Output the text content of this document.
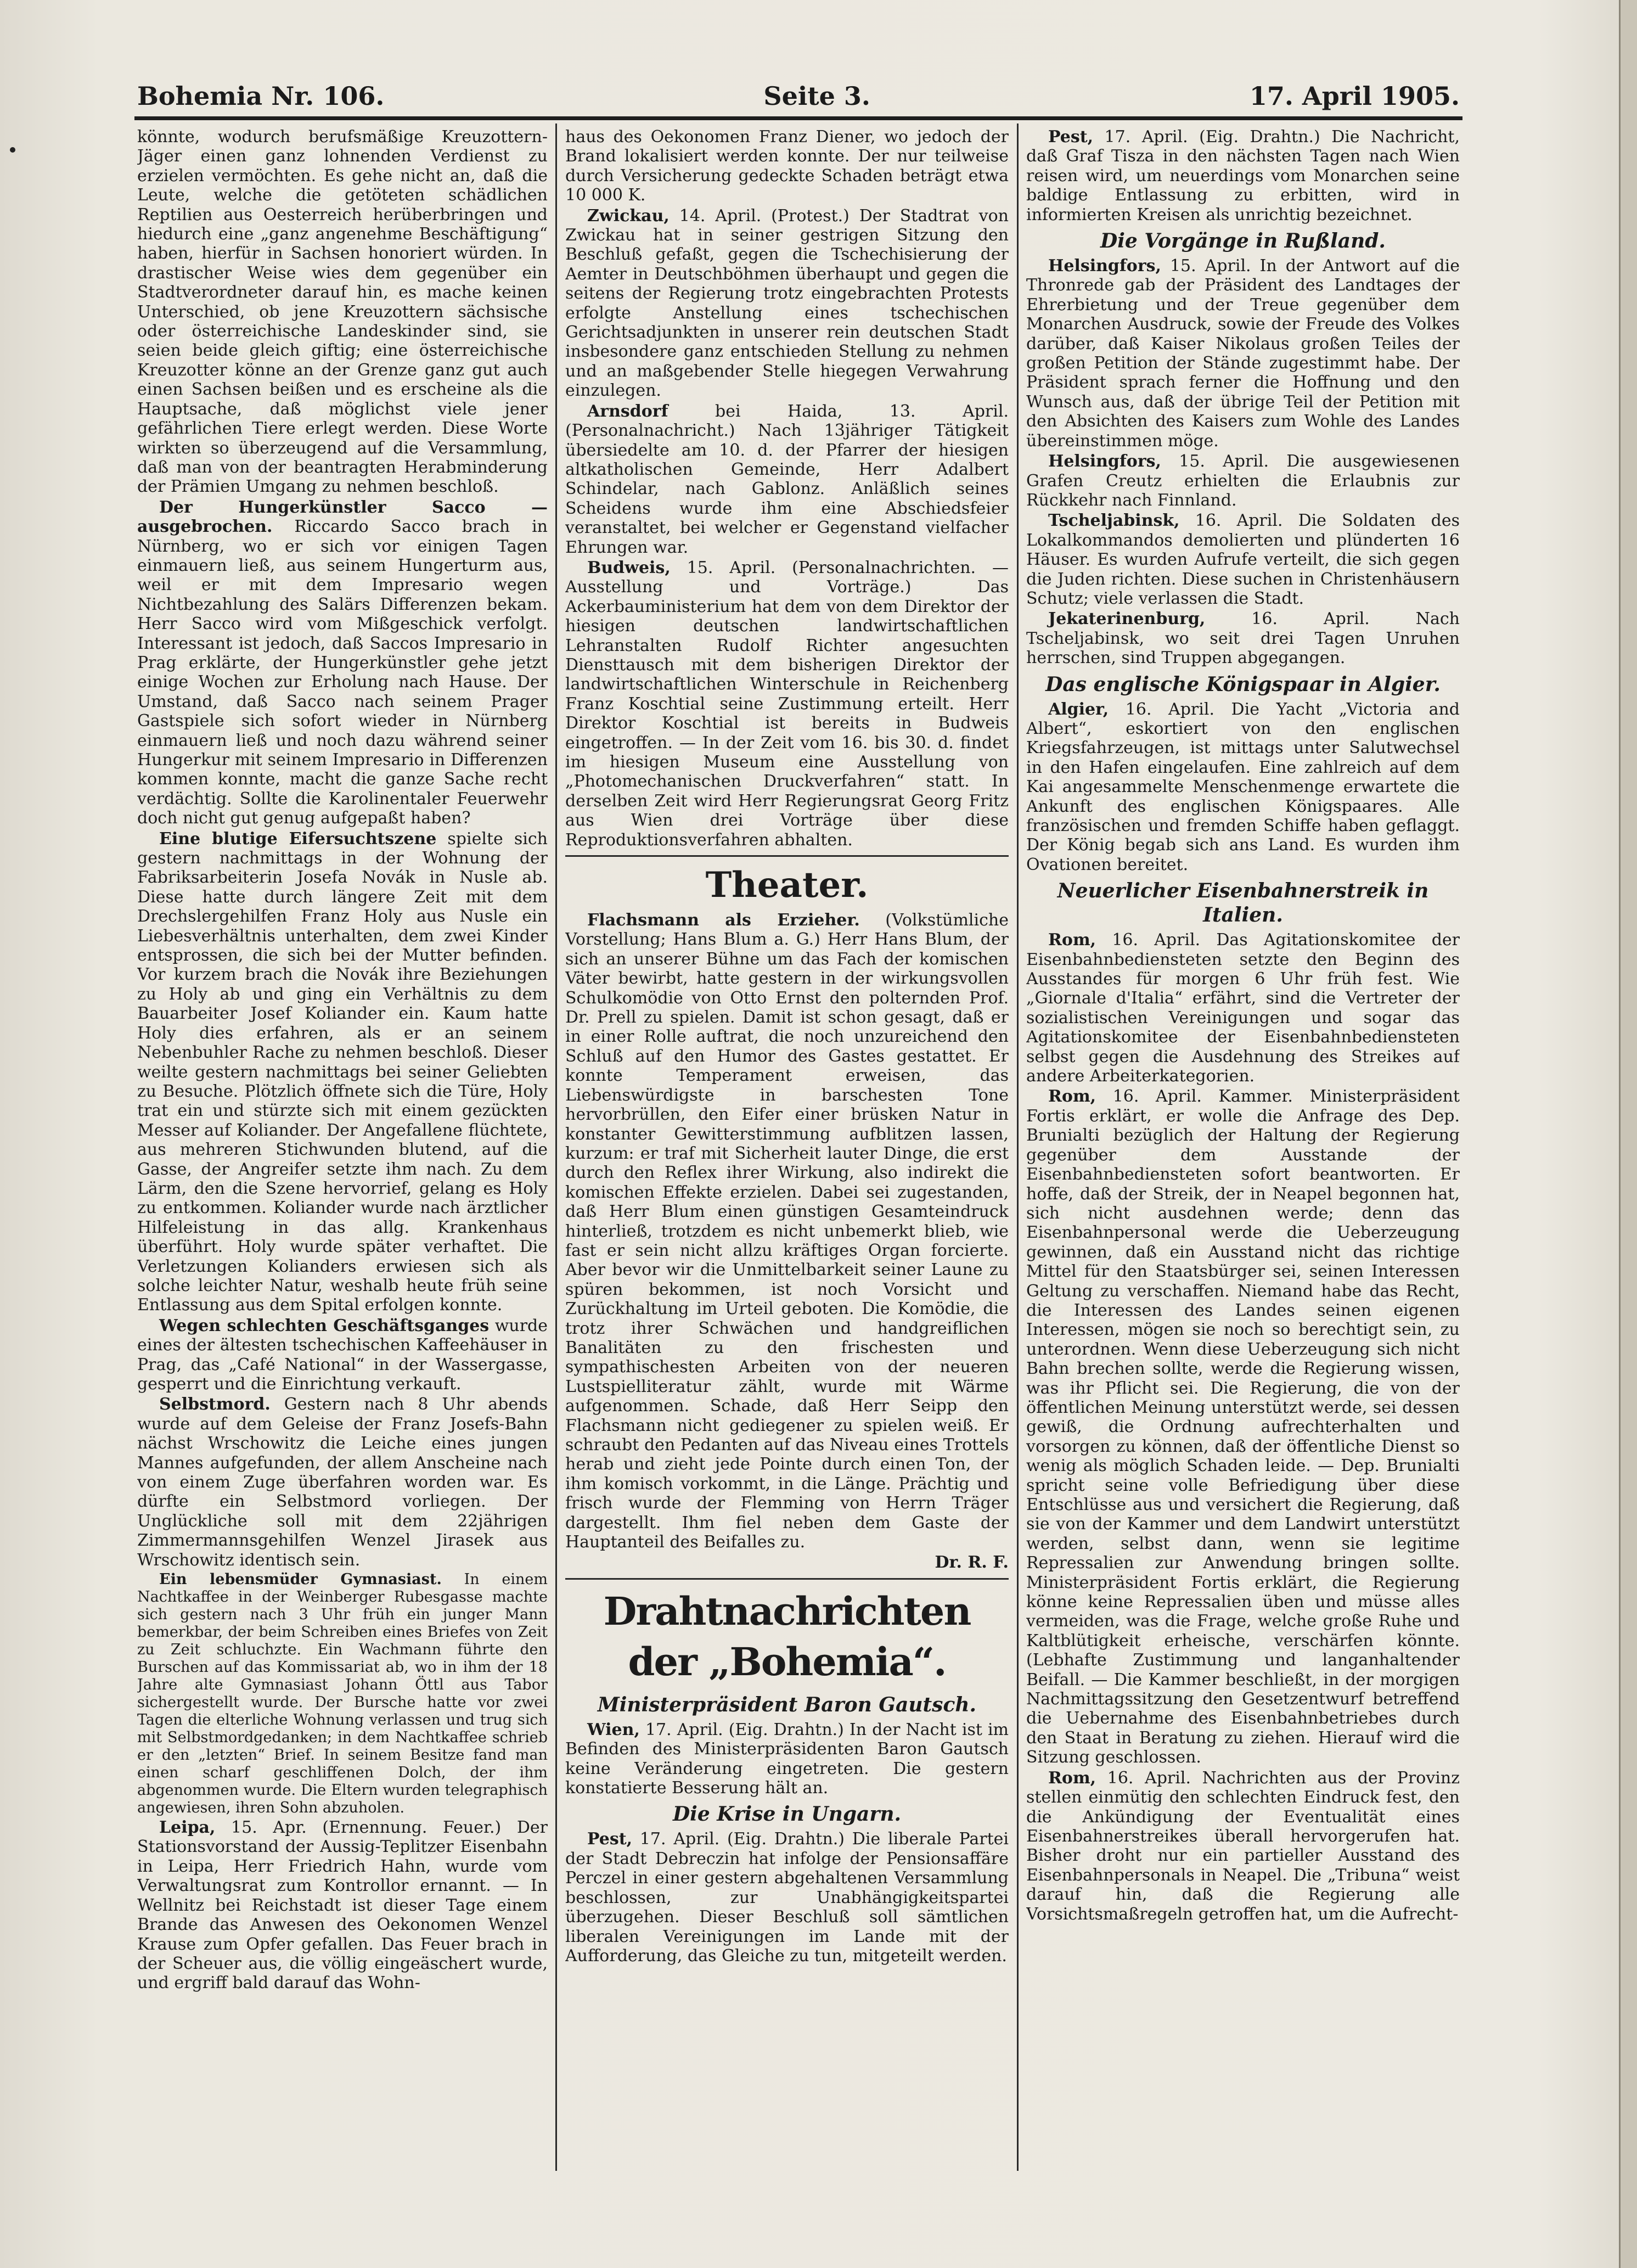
Bohemia Nr. 106.	Seite 3.	17. April 1905.

könnte, wodurch berufsmäßige Kreuzottern-Jäger einen ganz lohnenden Verdienst zu erzielen vermöchten. Es gehe nicht an, daß die Leute, welche die getöteten schädlichen Reptilien aus Oesterreich herüberbringen und hiedurch eine „ganz angenehme Beschäftigung“ haben, hierfür in Sachsen honoriert würden. In drastischer Weise wies dem gegenüber ein Stadtverordneter darauf hin, es mache keinen Unterschied, ob jene Kreuzottern sächsische oder österreichische Landeskinder sind, sie seien beide gleich giftig; eine österreichische Kreuzotter könne an der Grenze ganz gut auch einen Sachsen beißen und es erscheine als die Hauptsache, daß möglichst viele jener gefährlichen Tiere erlegt werden. Diese Worte wirkten so überzeugend auf die Versammlung, daß man von der beantragten Herabminderung der Prämien Umgang zu nehmen beschloß.

Der Hungerkünstler Sacco — ausgebrochen. Riccardo Sacco brach in Nürnberg, wo er sich vor einigen Tagen einmauern ließ, aus seinem Hungerturm aus, weil er mit dem Impresario wegen Nichtbezahlung des Salärs Differenzen bekam. Herr Sacco wird vom Mißgeschick verfolgt. Interessant ist jedoch, daß Saccos Impresario in Prag erklärte, der Hungerkünstler gehe jetzt einige Wochen zur Erholung nach Hause. Der Umstand, daß Sacco nach seinem Prager Gastspiele sich sofort wieder in Nürnberg einmauern ließ und noch dazu während seiner Hungerkur mit seinem Impresario in Differenzen kommen konnte, macht die ganze Sache recht verdächtig. Sollte die Karolinentaler Feuerwehr doch nicht gut genug aufgepaßt haben?

Eine blutige Eifersuchtszene spielte sich gestern nachmittags in der Wohnung der Fabriksarbeiterin Josefa Novák in Nusle ab. Diese hatte durch längere Zeit mit dem Drechslergehilfen Franz Holy aus Nusle ein Liebesverhältnis unterhalten, dem zwei Kinder entsprossen, die sich bei der Mutter befinden. Vor kurzem brach die Novák ihre Beziehungen zu Holy ab und ging ein Verhältnis zu dem Bauarbeiter Josef Koliander ein. Kaum hatte Holy dies erfahren, als er an seinem Nebenbuhler Rache zu nehmen beschloß. Dieser weilte gestern nachmittags bei seiner Geliebten zu Besuche. Plötzlich öffnete sich die Türe, Holy trat ein und stürzte sich mit einem gezückten Messer auf Koliander. Der Angefallene flüchtete, aus mehreren Stichwunden blutend, auf die Gasse, der Angreifer setzte ihm nach. Zu dem Lärm, den die Szene hervorrief, gelang es Holy zu entkommen. Koliander wurde nach ärztlicher Hilfeleistung in das allg. Krankenhaus überführt. Holy wurde später verhaftet. Die Verletzungen Kolianders erwiesen sich als solche leichter Natur, weshalb heute früh seine Entlassung aus dem Spital erfolgen konnte.

Wegen schlechten Geschäftsganges wurde eines der ältesten tschechischen Kaffeehäuser in Prag, das „Café National“ in der Wassergasse, gesperrt und die Einrichtung verkauft.

Selbstmord. Gestern nach 8 Uhr abends wurde auf dem Geleise der Franz Josefs-Bahn nächst Wrschowitz die Leiche eines jungen Mannes aufgefunden, der allem Anscheine nach von einem Zuge überfahren worden war. Es dürfte ein Selbstmord vorliegen. Der Unglückliche soll mit dem 22jährigen Zimmermannsgehilfen Wenzel Jirasek aus Wrschowitz identisch sein.

Ein lebensmüder Gymnasiast. In einem Nachtkaffee in der Weinberger Rubesgasse machte sich gestern nach 3 Uhr früh ein junger Mann bemerkbar, der beim Schreiben eines Briefes von Zeit zu Zeit schluchzte. Ein Wachmann führte den Burschen auf das Kommissariat ab, wo in ihm der 18 Jahre alte Gymnasiast Johann Öttl aus Tabor sichergestellt wurde. Der Bursche hatte vor zwei Tagen die elterliche Wohnung verlassen und trug sich mit Selbstmordgedanken; in dem Nachtkaffee schrieb er den „letzten“ Brief. In seinem Besitze fand man einen scharf geschliffenen Dolch, der ihm abgenommen wurde. Die Eltern wurden telegraphisch angewiesen, ihren Sohn abzuholen.

Leipa, 15. Apr. (Ernennung. Feuer.) Der Stationsvorstand der Aussig-Teplitzer Eisenbahn in Leipa, Herr Friedrich Hahn, wurde vom Verwaltungsrat zum Kontrollor ernannt. — In Wellnitz bei Reichstadt ist dieser Tage einem Brande das Anwesen des Oekonomen Wenzel Krause zum Opfer gefallen. Das Feuer brach in der Scheuer aus, die völlig eingeäschert wurde, und ergriff bald darauf das Wohn-

haus des Oekonomen Franz Diener, wo jedoch der Brand lokalisiert werden konnte. Der nur teilweise durch Versicherung gedeckte Schaden beträgt etwa 10 000 K.

Zwickau, 14. April. (Protest.) Der Stadtrat von Zwickau hat in seiner gestrigen Sitzung den Beschluß gefaßt, gegen die Tschechisierung der Aemter in Deutschböhmen überhaupt und gegen die seitens der Regierung trotz eingebrachten Protests erfolgte Anstellung eines tschechischen Gerichtsadjunkten in unserer rein deutschen Stadt insbesondere ganz entschieden Stellung zu nehmen und an maßgebender Stelle hiegegen Verwahrung einzulegen.

Arnsdorf	bei Haida, 13. April. (Personalnachricht.) Nach 13jähriger Tätigkeit übersiedelte am 10. d. der Pfarrer der hiesigen altkatholischen Gemeinde, Herr Adalbert Schindelar, nach Gablonz. Anläßlich seines Scheidens wurde ihm eine Abschiedsfeier veranstaltet, bei welcher er Gegenstand vielfacher Ehrungen war.

Budweis, 15. April. (Personalnachrichten. — Ausstellung und Vorträge.) Das Ackerbauministerium hat dem von dem Direktor der hiesigen deutschen landwirtschaftlichen Lehranstalten Rudolf Richter angesuchten Diensttausch mit dem bisherigen Direktor der landwirtschaftlichen Winterschule in Reichenberg Franz Koschtial seine Zustimmung erteilt. Herr Direktor Koschtial ist bereits in Budweis eingetroffen. — In der Zeit vom 16. bis 30. d. findet im hiesigen Museum eine Ausstellung von „Photomechanischen Druckverfahren“ statt. In derselben Zeit wird Herr Regierungsrat Georg Fritz aus Wien drei Vorträge über diese Reproduktionsverfahren abhalten.

Theater.

Flachsmann als Erzieher. (Volkstümliche Vorstellung; Hans Blum a. G.) Herr Hans Blum, der sich an unserer Bühne um das Fach der komischen Väter bewirbt, hatte gestern in der wirkungsvollen Schulkomödie von Otto Ernst den polternden Prof. Dr. Prell zu spielen. Damit ist schon gesagt, daß er in einer Rolle auftrat, die noch unzureichend den Schluß auf den Humor des Gastes gestattet. Er konnte Temperament erweisen, das Liebenswürdigste in barschesten Tone hervorbrüllen, den Eifer einer brüsken Natur in konstanter Gewitterstimmung aufblitzen lassen, kurzum: er traf mit Sicherheit lauter Dinge, die erst durch den Reflex ihrer Wirkung, also indirekt die komischen Effekte erzielen. Dabei sei zugestanden, daß Herr Blum einen günstigen Gesamteindruck hinterließ, trotzdem es nicht unbemerkt blieb, wie fast er sein nicht allzu kräftiges Organ forcierte. Aber bevor wir die Unmittelbarkeit seiner Laune zu spüren bekommen, ist noch Vorsicht und Zurückhaltung im Urteil geboten. Die Komödie, die trotz ihrer Schwächen und handgreiflichen Banalitäten zu den frischesten und sympathischesten Arbeiten von der neueren Lustspielliteratur zählt, wurde mit Wärme aufgenommen. Schade, daß Herr Seipp den Flachsmann nicht gediegener zu spielen weiß. Er schraubt den Pedanten auf das Niveau eines Trottels herab und zieht jede Pointe durch einen Ton, der ihm komisch vorkommt, in die Länge. Prächtig und frisch wurde der Flemming von Herrn Träger dargestellt. Ihm fiel neben dem Gaste der Hauptanteil des Beifalles zu.

Dr. R. F.
Drahtnachrichten der „Bohemia“.
Ministerpräsident Baron Gautsch.

Wien, 17. April. (Eig. Drahtn.) In der Nacht ist im Befinden des Ministerpräsidenten Baron Gautsch keine Veränderung eingetreten. Die gestern konstatierte Besserung hält an.

Die Krise in Ungarn.

Pest, 17. April. (Eig. Drahtn.) Die liberale Partei der Stadt Debreczin hat infolge der Pensionsaffäre Perczel in einer gestern abgehaltenen Versammlung beschlossen, zur Unabhängigkeitspartei überzugehen. Dieser Beschluß soll sämtlichen liberalen Vereinigungen im Lande mit der Aufforderung, das Gleiche zu tun, mitgeteilt werden.

Pest, 17. April. (Eig. Drahtn.) Die Nachricht, daß Graf Tisza in den nächsten Tagen nach Wien reisen wird, um neuerdings vom Monarchen seine baldige Entlassung zu erbitten, wird in informierten Kreisen als unrichtig bezeichnet.

Die Vorgänge in Rußland.

Helsingfors, 15. April. In der Antwort auf die Thronrede gab der Präsident des Landtages der Ehrerbietung und der Treue gegenüber dem Monarchen Ausdruck, sowie der Freude des Volkes darüber, daß Kaiser Nikolaus großen Teiles der großen Petition der Stände zugestimmt habe. Der Präsident sprach ferner die Hoffnung und den Wunsch aus, daß der übrige Teil der Petition mit den Absichten des Kaisers zum Wohle des Landes übereinstimmen möge.

Helsingfors, 15. April. Die ausgewiesenen Grafen Creutz erhielten die Erlaubnis zur Rückkehr nach Finnland.

Tscheljabinsk, 16. April. Die Soldaten des Lokalkommandos demolierten und plünderten 16 Häuser. Es wurden Aufrufe verteilt, die sich gegen die Juden richten. Diese suchen in Christenhäusern Schutz; viele verlassen die Stadt.

Jekaterinenburg,	16. April. Nach Tscheljabinsk, wo seit drei Tagen Unruhen herrschen, sind Truppen abgegangen.

Das englische Königspaar in Algier.

Algier, 16. April. Die Yacht „Victoria and Albert“, eskortiert von den englischen Kriegsfahrzeugen, ist mittags unter Salutwechsel in den Hafen eingelaufen. Eine zahlreich auf dem Kai angesammelte Menschenmenge erwartete die Ankunft des englischen Königspaares. Alle französischen und fremden Schiffe haben geflaggt. Der König begab sich ans Land. Es wurden ihm Ovationen bereitet.

Neuerlicher Eisenbahnerstreik in Italien.

Rom, 16. April. Das Agitationskomitee der Eisenbahnbediensteten setzte den Beginn des Ausstandes für morgen 6 Uhr früh fest. Wie „Giornale d'Italia“ erfährt, sind die Vertreter der sozialistischen Vereinigungen und sogar das Agitationskomitee der Eisenbahnbediensteten selbst gegen die Ausdehnung des Streikes auf andere Arbeiterkategorien.

Rom, 16. April. Kammer. Ministerpräsident Fortis erklärt, er wolle die Anfrage des Dep. Brunialti bezüglich der Haltung der Regierung gegenüber dem Ausstande der Eisenbahnbediensteten sofort beantworten. Er hoffe, daß der Streik, der in Neapel begonnen hat, sich nicht ausdehnen werde; denn das Eisenbahnpersonal werde die Ueberzeugung gewinnen, daß ein Ausstand nicht das richtige Mittel für den Staatsbürger sei, seinen Interessen Geltung zu verschaffen. Niemand habe das Recht, die Interessen des Landes seinen eigenen Interessen, mögen sie noch so berechtigt sein, zu unterordnen. Wenn diese Ueberzeugung sich nicht Bahn brechen sollte, werde die Regierung wissen, was ihr Pflicht sei. Die Regierung, die von der öffentlichen Meinung unterstützt werde, sei dessen gewiß, die Ordnung aufrechterhalten und vorsorgen zu können, daß der öffentliche Dienst so wenig als möglich Schaden leide. — Dep. Brunialti spricht seine volle Befriedigung über diese Entschlüsse aus und versichert die Regierung, daß sie von der Kammer und dem Landwirt unterstützt werden, selbst dann, wenn sie legitime Repressalien zur Anwendung bringen sollte. Ministerpräsident Fortis erklärt, die Regierung könne keine Repressalien üben und müsse alles vermeiden, was die Frage, welche große Ruhe und Kaltblütigkeit erheische, verschärfen könnte. (Lebhafte Zustimmung und langanhaltender Beifall. — Die Kammer beschließt, in der morgigen Nachmittagssitzung den Gesetzentwurf betreffend die Uebernahme des Eisenbahnbetriebes durch den Staat in Beratung zu ziehen. Hierauf wird die Sitzung geschlossen.

Rom, 16. April. Nachrichten aus der Provinz stellen einmütig den schlechten Eindruck fest, den die Ankündigung der Eventualität eines Eisenbahnerstreikes überall hervorgerufen hat. Bisher droht nur ein partieller Ausstand des Eisenbahnpersonals in Neapel. Die „Tribuna“ weist darauf hin, daß die Regierung alle Vorsichtsmaßregeln getroffen hat, um die Aufrecht-
